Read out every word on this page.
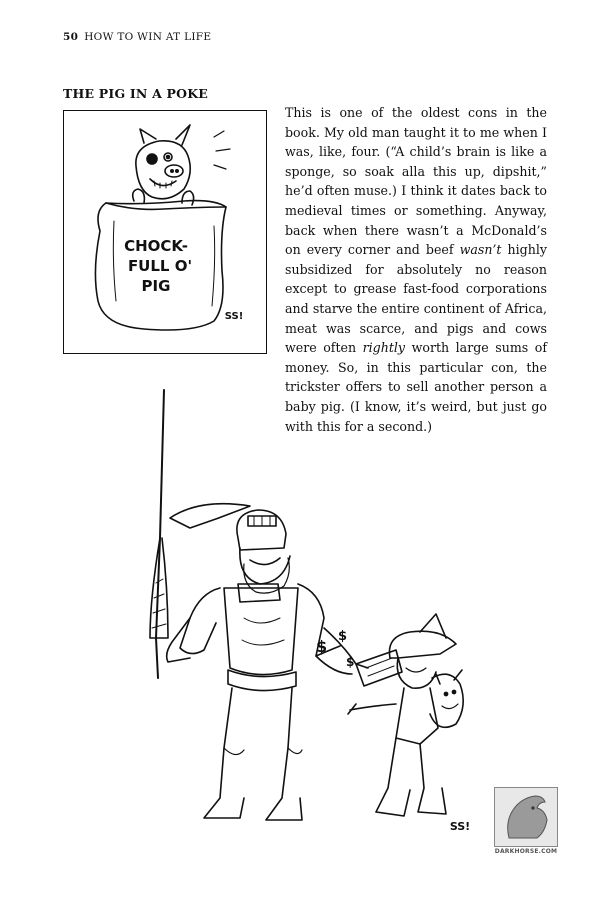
50 HOW TO WIN AT LIFE
THE PIG IN A POKE
CHOCK-
FULL O'
PIG
SS!

This is one of the oldest cons in the book. My old man taught it to me when I was, like, four. (“A child’s brain is like a sponge, so soak alla this up, dipshit,” he’d often muse.) I think it dates back to medieval times or something. Anyway, back when there wasn’t a McDonald’s on every corner and beef wasn’t highly subsidized for absolutely no reason except to grease fast-food corporations and starve the entire continent of Africa, meat was scarce, and pigs and cows were often rightly worth large sums of money. So, in this particular con, the trickster offers to sell another person a baby pig. (I know, it’s weird, but just go with this for a second.)

$
$
$
SS!
DARKHORSE.COM
